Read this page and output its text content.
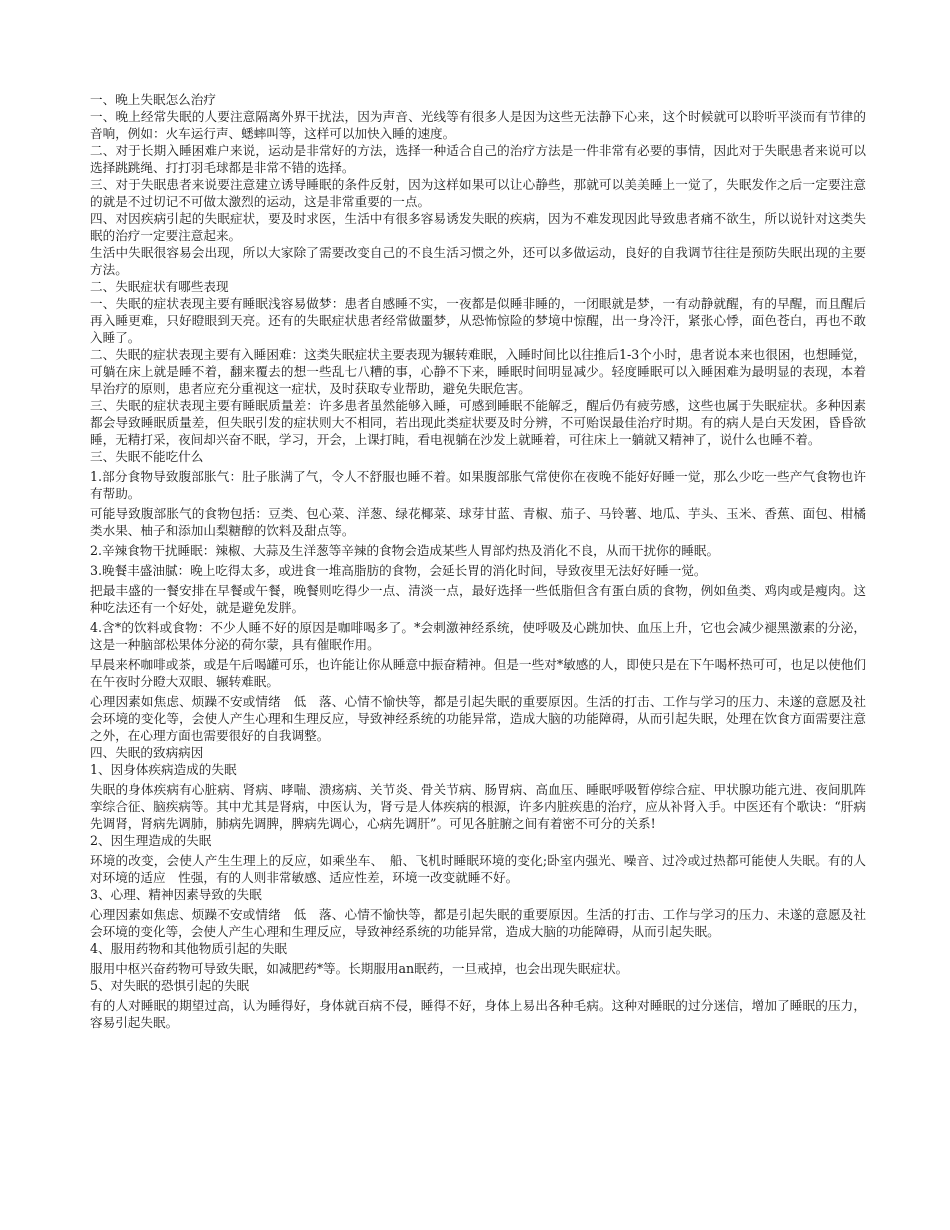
一、晚上失眠怎么治疗

一、晚上经常失眠的人要注意隔离外界干扰法，因为声音、光线等有很多人是因为这些无法静下心来，这个时候就可以聆听平淡而有节律的音响，例如：火车运行声、蟋蟀叫等，这样可以加快入睡的速度。

二、对于长期入睡困难户来说，运动是非常好的方法，选择一种适合自己的治疗方法是一件非常有必要的事情，因此对于失眠患者来说可以选择跳跳绳、打打羽毛球都是非常不错的选择。

三、对于失眠患者来说要注意建立诱导睡眠的条件反射，因为这样如果可以让心静些，那就可以美美睡上一觉了，失眠发作之后一定要注意的就是不过切记不可做太激烈的运动，这是非常重要的一点。

四、对因疾病引起的失眠症状，要及时求医，生活中有很多容易诱发失眠的疾病，因为不难发现因此导致患者痛不欲生，所以说针对这类失眠的治疗一定要注意起来。

生活中失眠很容易会出现，所以大家除了需要改变自己的不良生活习惯之外，还可以多做运动，良好的自我调节往往是预防失眠出现的主要方法。

二、失眠症状有哪些表现

一、失眠的症状表现主要有睡眠浅容易做梦：患者自感睡不实，一夜都是似睡非睡的，一闭眼就是梦，一有动静就醒，有的早醒，而且醒后再入睡更难，只好瞪眼到天亮。还有的失眠症状患者经常做噩梦，从恐怖惊险的梦境中惊醒，出一身冷汗，紧张心悸，面色苍白，再也不敢入睡了。

二、失眠的症状表现主要有入睡困难：这类失眠症状主要表现为辗转难眠，入睡时间比以往推后1-3个小时，患者说本来也很困，也想睡觉，可躺在床上就是睡不着，翻来覆去的想一些乱七八糟的事，心静不下来，睡眠时间明显减少。轻度睡眠可以入睡困难为最明显的表现，本着早治疗的原则，患者应充分重视这一症状，及时获取专业帮助，避免失眠危害。

三、失眠的症状表现主要有睡眠质量差：许多患者虽然能够入睡，可感到睡眠不能解乏，醒后仍有疲劳感，这些也属于失眠症状。多种因素都会导致睡眠质量差，但失眠引发的症状则大不相同，若出现此类症状要及时分辨，不可贻误最佳治疗时期。有的病人是白天发困，昏昏欲睡，无精打采，夜间却兴奋不眠，学习，开会，上课打盹，看电视躺在沙发上就睡着，可往床上一躺就又精神了，说什么也睡不着。

三、失眠不能吃什么

1.部分食物导致腹部胀气：肚子胀满了气，令人不舒服也睡不着。如果腹部胀气常使你在夜晚不能好好睡一觉，那么少吃一些产气食物也许有帮助。

可能导致腹部胀气的食物包括：豆类、包心菜、洋葱、绿花椰菜、球芽甘蓝、青椒、茄子、马铃薯、地瓜、芋头、玉米、香蕉、面包、柑橘类水果、柚子和添加山梨糖醇的饮料及甜点等。

2.辛辣食物干扰睡眠：辣椒、大蒜及生洋葱等辛辣的食物会造成某些人胃部灼热及消化不良，从而干扰你的睡眠。

3.晚餐丰盛油腻：晚上吃得太多，或进食一堆高脂肪的食物，会延长胃的消化时间，导致夜里无法好好睡一觉。

把最丰盛的一餐安排在早餐或午餐，晚餐则吃得少一点、清淡一点，最好选择一些低脂但含有蛋白质的食物，例如鱼类、鸡肉或是瘦肉。这种吃法还有一个好处，就是避免发胖。

4.含*的饮料或食物：不少人睡不好的原因是咖啡喝多了。*会刺激神经系统，使呼吸及心跳加快、血压上升，它也会减少褪黑激素的分泌，这是一种脑部松果体分泌的荷尔蒙，具有催眠作用。

早晨来杯咖啡或茶，或是午后喝罐可乐，也许能让你从睡意中振奋精神。但是一些对*敏感的人，即使只是在下午喝杯热可可，也足以使他们在午夜时分瞪大双眼、辗转难眠。

心理因素如焦虑、烦躁不安或情绪　低　落、心情不愉快等，都是引起失眠的重要原因。生活的打击、工作与学习的压力、未遂的意愿及社会环境的变化等，会使人产生心理和生理反应，导致神经系统的功能异常，造成大脑的功能障碍，从而引起失眠，处理在饮食方面需要注意之外，在心理方面也需要很好的自我调整。

四、失眠的致病病因

1、因身体疾病造成的失眠

失眠的身体疾病有心脏病、肾病、哮喘、溃疡病、关节炎、骨关节病、肠胃病、高血压、睡眠呼吸暂停综合症、甲状腺功能亢进、夜间肌阵　挛综合征、脑疾病等。其中尤其是肾病，中医认为，肾亏是人体疾病的根源，许多内脏疾患的治疗，应从补肾入手。中医还有个歌诀：“肝病先调肾，肾病先调肺，肺病先调脾，脾病先调心，心病先调肝”。可见各脏腑之间有着密不可分的关系!

2、因生理造成的失眠

环境的改变，会使人产生生理上的反应，如乘坐车、　船、飞机时睡眠环境的变化;卧室内强光、噪音、过冷或过热都可能使人失眠。有的人对环境的适应　性强，有的人则非常敏感、适应性差，环境一改变就睡不好。

3、心理、精神因素导致的失眠

心理因素如焦虑、烦躁不安或情绪　低　落、心情不愉快等，都是引起失眠的重要原因。生活的打击、工作与学习的压力、未遂的意愿及社会环境的变化等，会使人产生心理和生理反应，导致神经系统的功能异常，造成大脑的功能障碍，从而引起失眠。

4、服用药物和其他物质引起的失眠

服用中枢兴奋药物可导致失眠，如减肥药*等。长期服用an眠药，一旦戒掉，也会出现失眠症状。

5、对失眠的恐惧引起的失眠

有的人对睡眠的期望过高，认为睡得好，身体就百病不侵，睡得不好，身体上易出各种毛病。这种对睡眠的过分迷信，增加了睡眠的压力，容易引起失眠。
